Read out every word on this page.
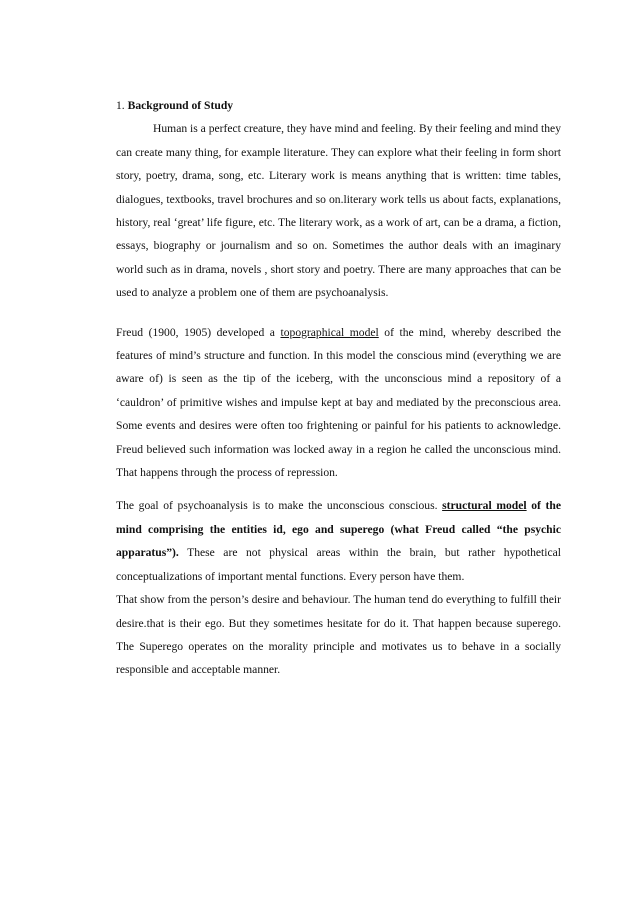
1. Background of Study

Human is a perfect creature, they have mind and feeling. By their feeling and mind they can create many thing, for example literature. They can explore what their feeling in form short story, poetry, drama, song, etc. Literary work is means anything that is written: time tables, dialogues, textbooks, travel brochures and so on.literary work tells us about facts, explanations, history, real ‘great’ life figure, etc. The literary work, as a work of art, can be a drama, a fiction, essays, biography or journalism and so on. Sometimes the author deals with an imaginary world such as in drama, novels , short story and poetry. There are many approaches that can be used to analyze a problem one of them are psychoanalysis.

Freud (1900, 1905) developed a topographical model of the mind, whereby described the features of mind’s structure and function. In this model the conscious mind (everything we are aware of) is seen as the tip of the iceberg, with the unconscious mind a repository of a ‘cauldron’ of primitive wishes and impulse kept at bay and mediated by the preconscious area. Some events and desires were often too frightening or painful for his patients to acknowledge. Freud believed such information was locked away in a region he called the unconscious mind. That happens through the process of repression.

The goal of psychoanalysis is to make the unconscious conscious. structural model of the mind comprising the entities id, ego and superego (what Freud called “the psychic apparatus”). These are not physical areas within the brain, but rather hypothetical conceptualizations of important mental functions. Every person have them.

That show from the person’s desire and behaviour. The human tend do everything to fulfill their desire.that is their ego. But they sometimes hesitate for do it. That happen because superego. The Superego operates on the morality principle and motivates us to behave in a socially responsible and acceptable manner.
